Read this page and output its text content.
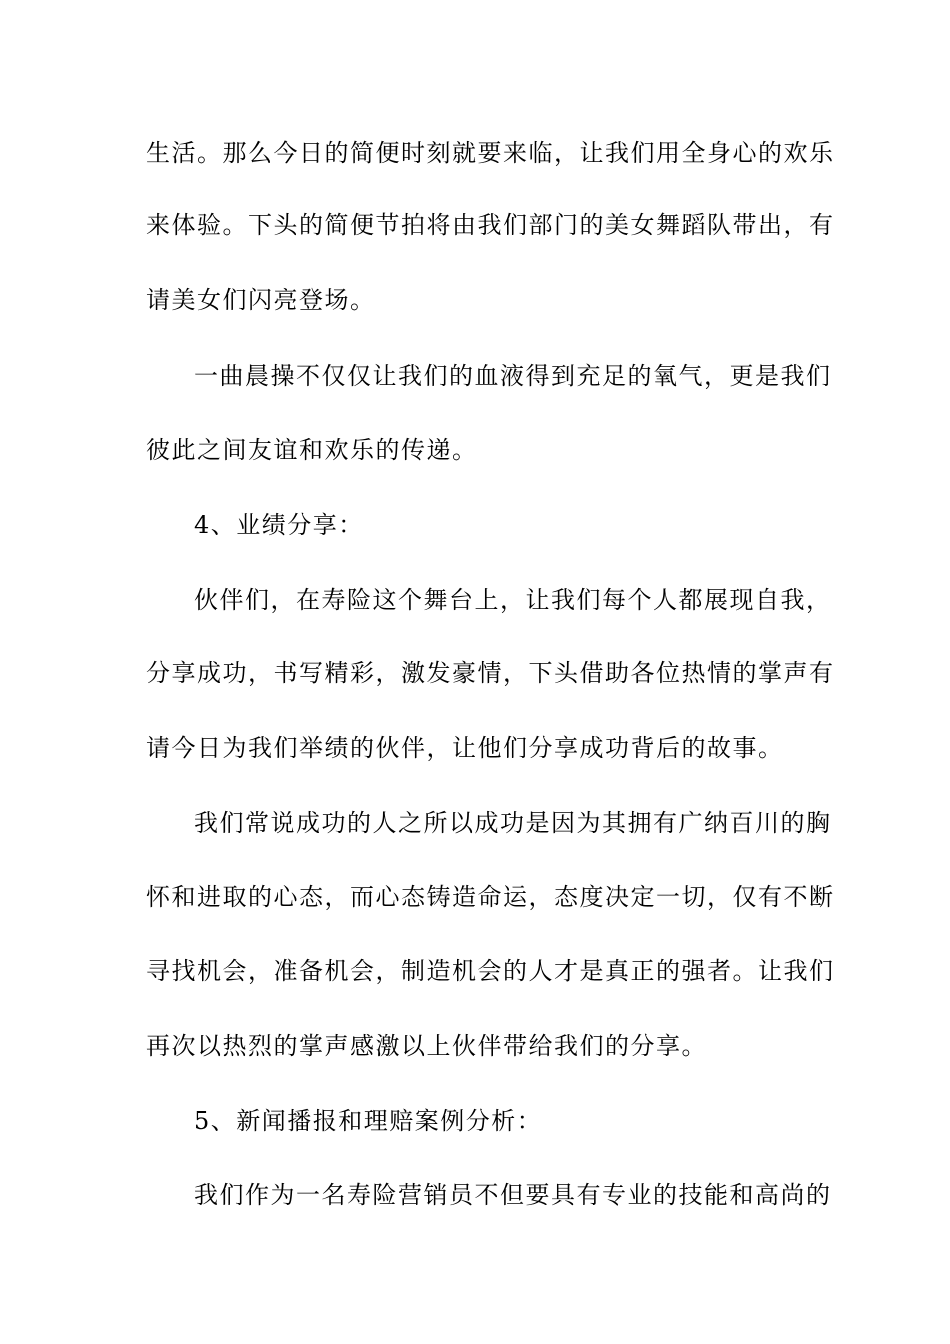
生活。那么今日的简便时刻就要来临，让我们用全身心的欢乐
来体验。下头的简便节拍将由我们部门的美女舞蹈队带出，有
请美女们闪亮登场。
一曲晨操不仅仅让我们的血液得到充足的氧气，更是我们
彼此之间友谊和欢乐的传递。
4、业绩分享：
伙伴们，在寿险这个舞台上，让我们每个人都展现自我，
分享成功，书写精彩，激发豪情，下头借助各位热情的掌声有
请今日为我们举绩的伙伴，让他们分享成功背后的故事。
我们常说成功的人之所以成功是因为其拥有广纳百川的胸
怀和进取的心态，而心态铸造命运，态度决定一切，仅有不断
寻找机会，准备机会，制造机会的人才是真正的强者。让我们
再次以热烈的掌声感激以上伙伴带给我们的分享。
5、新闻播报和理赔案例分析：
我们作为一名寿险营销员不但要具有专业的技能和高尚的
